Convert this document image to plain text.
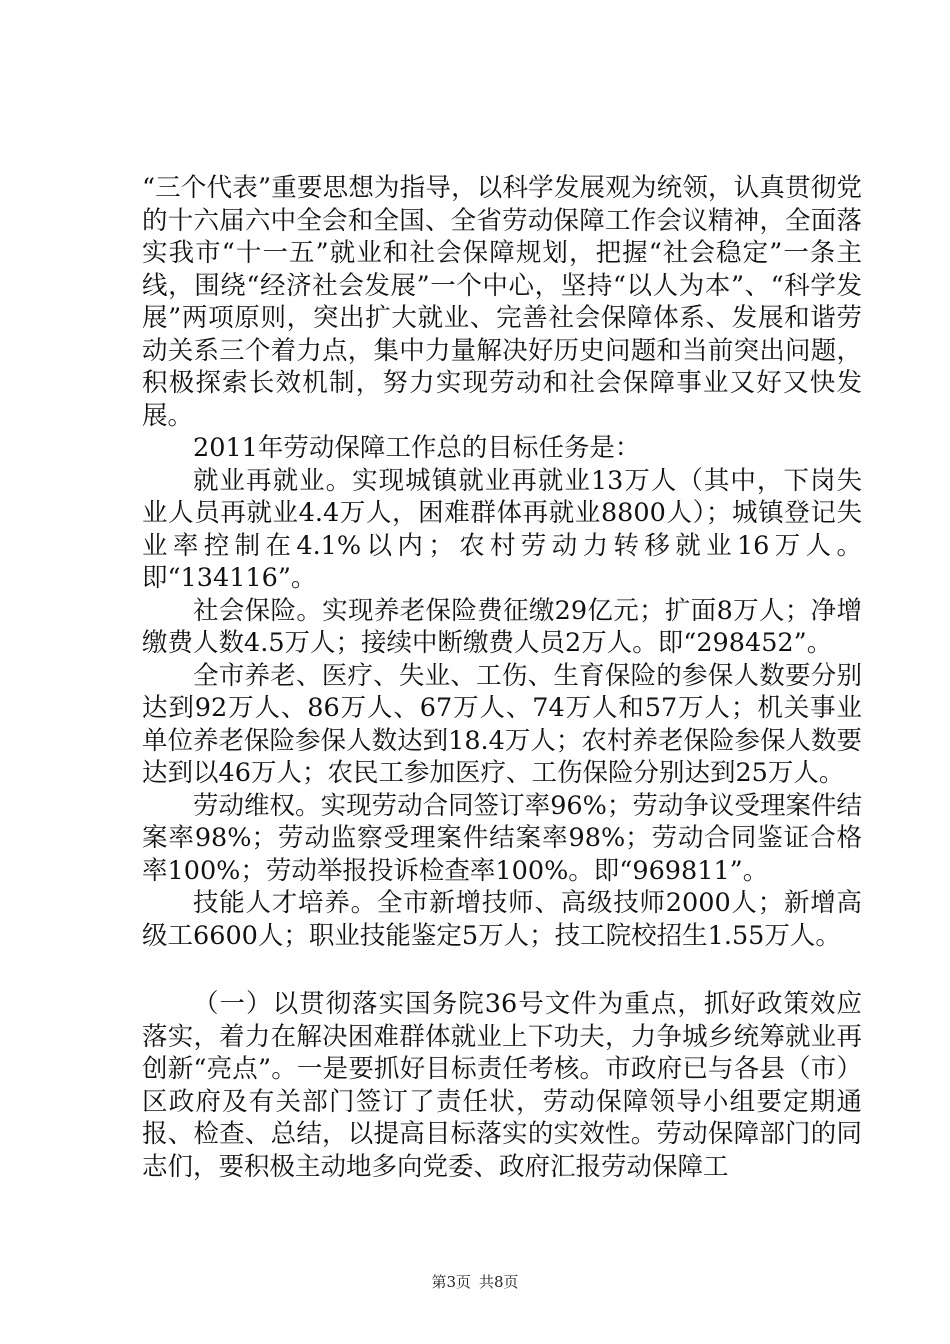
“三个代表”重要思想为指导，以科学发展观为统领，认真贯彻党的十六届六中全会和全国、全省劳动保障工作会议精神，全面落实我市“十一五”就业和社会保障规划，把握“社会稳定”一条主线，围绕“经济社会发展”一个中心，坚持“以人为本”、“科学发展”两项原则，突出扩大就业、完善社会保障体系、发展和谐劳动关系三个着力点，集中力量解决好历史问题和当前突出问题，积极探索长效机制，努力实现劳动和社会保障事业又好又快发展。

2011年劳动保障工作总的目标任务是：

就业再就业。实现城镇就业再就业13万人（其中，下岗失业人员再就业4.4万人，困难群体再就业8800人）；城镇登记失业率控制在4.1%以内；农村劳动力转移就业16万人。即“134116”。

社会保险。实现养老保险费征缴29亿元；扩面8万人；净增缴费人数4.5万人；接续中断缴费人员2万人。即“298452”。

全市养老、医疗、失业、工伤、生育保险的参保人数要分别达到92万人、86万人、67万人、74万人和57万人；机关事业单位养老保险参保人数达到18.4万人；农村养老保险参保人数要达到以46万人；农民工参加医疗、工伤保险分别达到25万人。

劳动维权。实现劳动合同签订率96%；劳动争议受理案件结案率98%；劳动监察受理案件结案率98%；劳动合同鉴证合格率100%；劳动举报投诉检查率100%。即“969811”。

技能人才培养。全市新增技师、高级技师2000人；新增高级工6600人；职业技能鉴定5万人；技工院校招生1.55万人。

（一）以贯彻落实国务院36号文件为重点，抓好政策效应落实，着力在解决困难群体就业上下功夫，力争城乡统筹就业再创新“亮点”。一是要抓好目标责任考核。市政府已与各县（市）区政府及有关部门签订了责任状，劳动保障领导小组要定期通报、检查、总结，以提高目标落实的实效性。劳动保障部门的同志们，要积极主动地多向党委、政府汇报劳动保障工

第3页 共8页
